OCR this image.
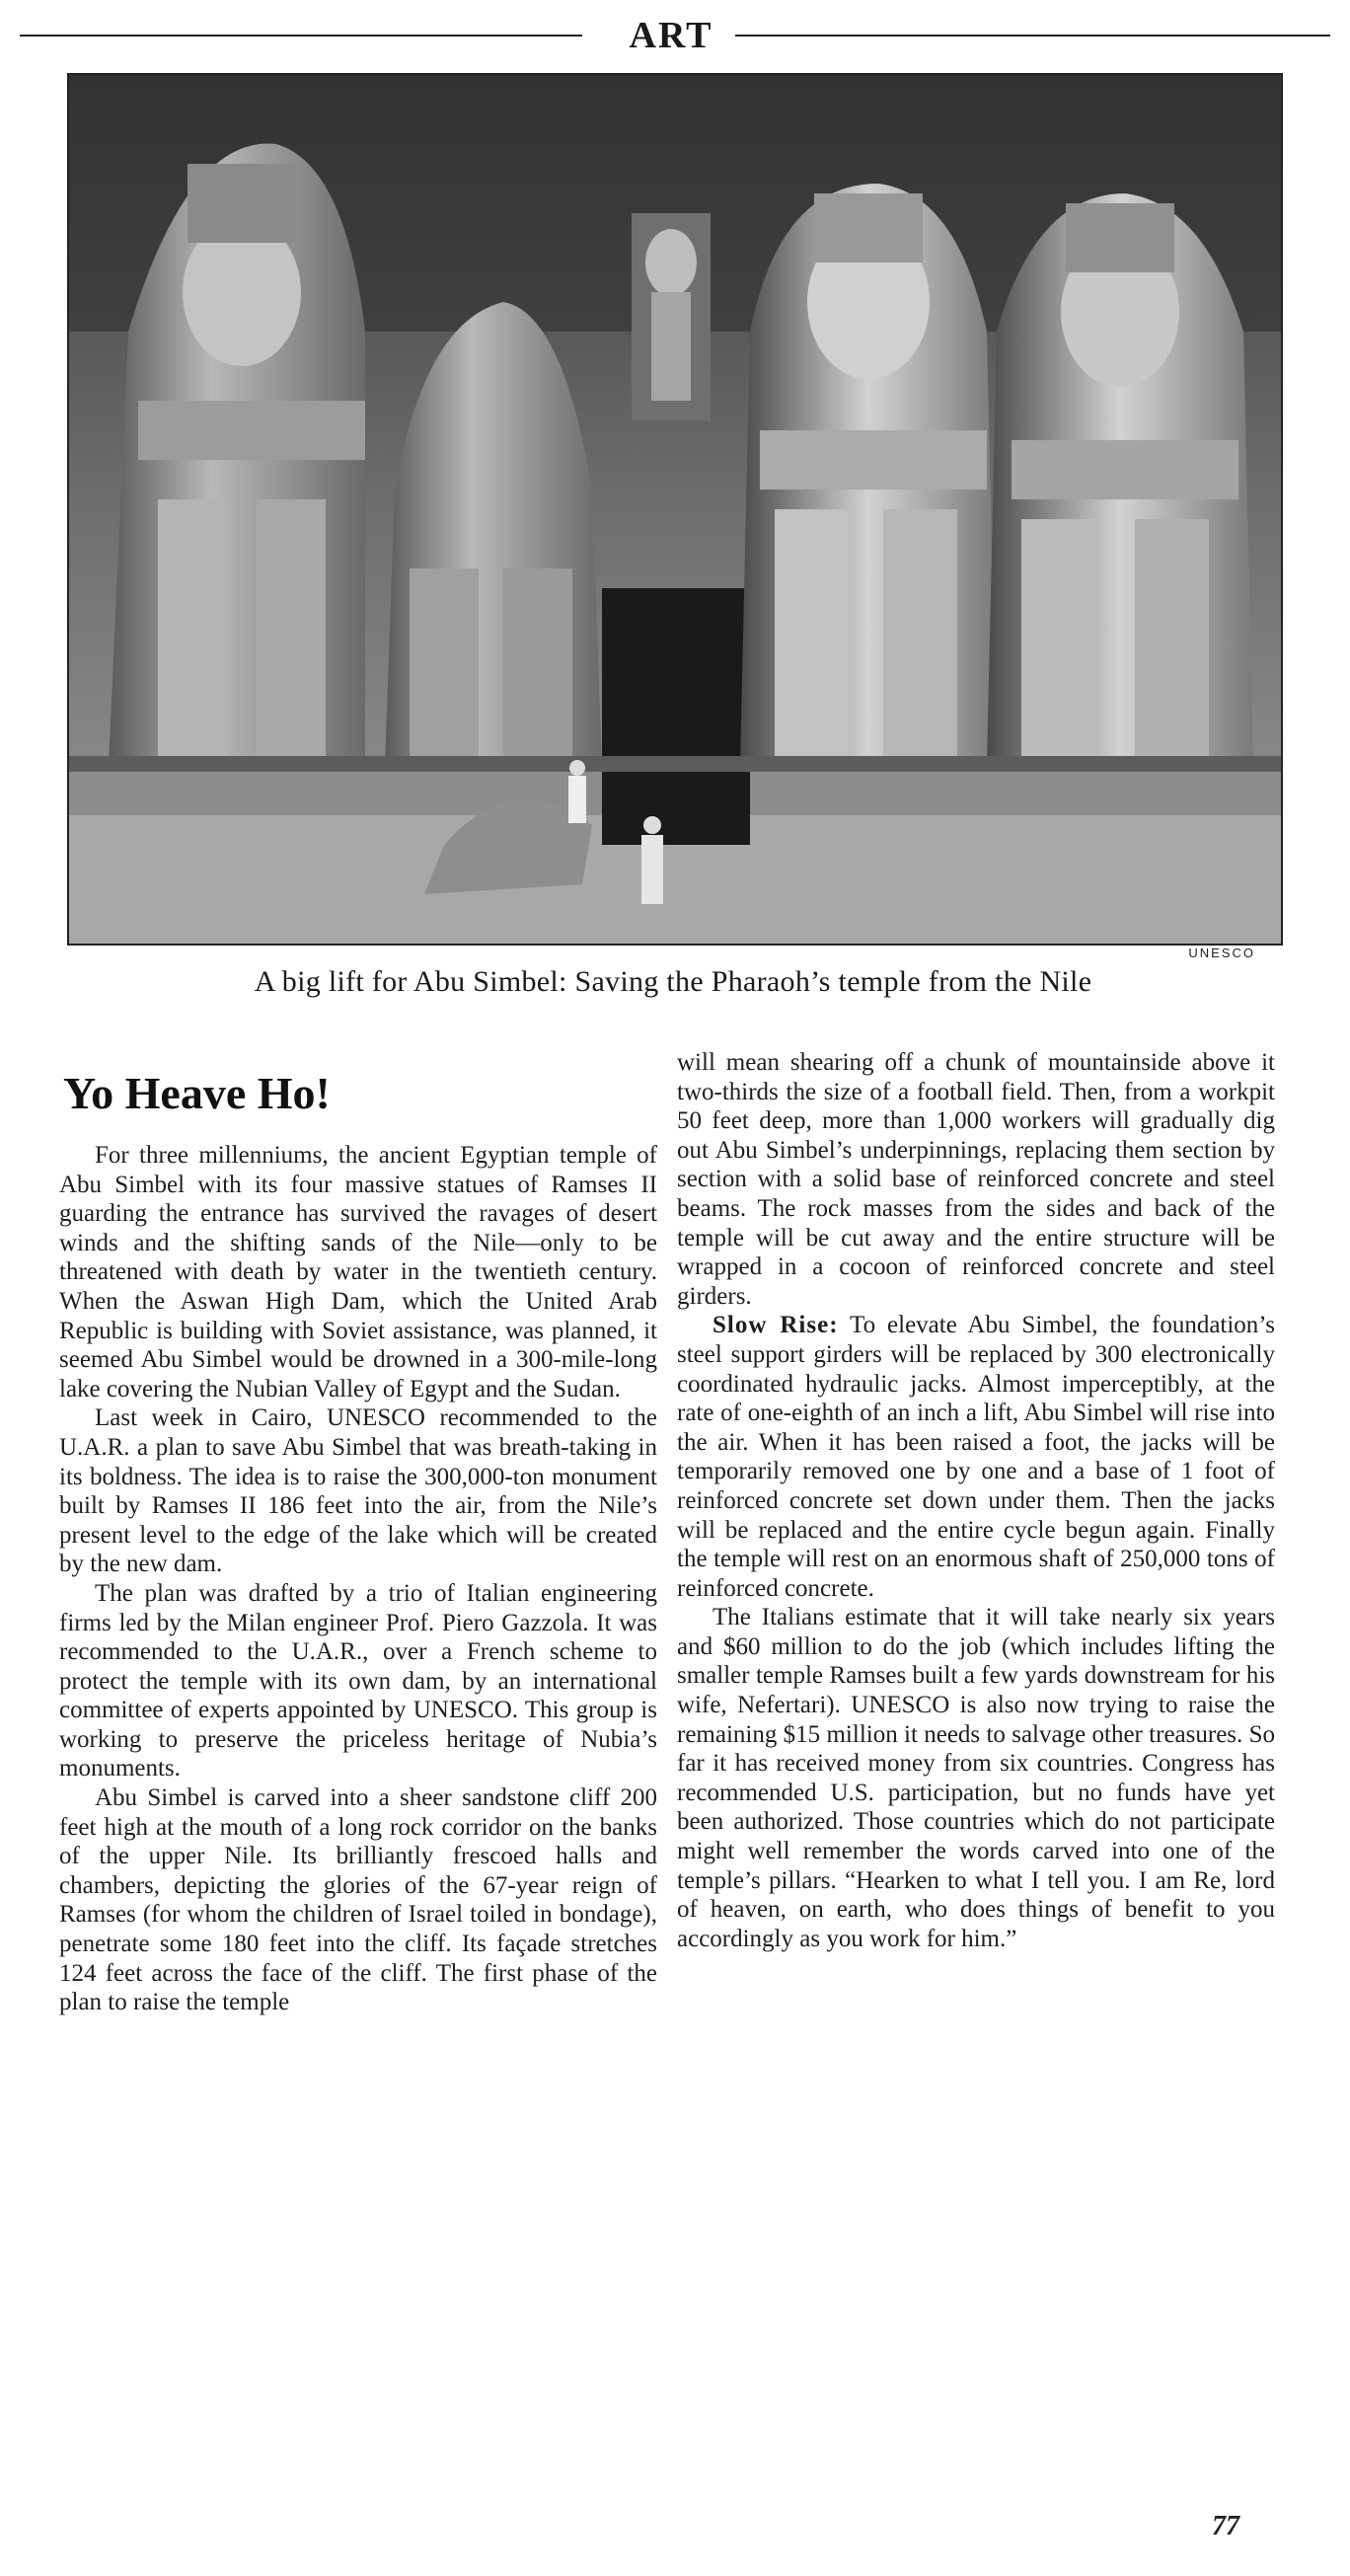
ART
UNESCO
A big lift for Abu Simbel: Saving the Pharaoh’s temple from the Nile
Yo Heave Ho!

For three millenniums, the ancient Egyptian temple of Abu Simbel with its four massive statues of Ramses II guarding the entrance has survived the ravages of desert winds and the shifting sands of the Nile—only to be threatened with death by water in the twentieth century. When the Aswan High Dam, which the United Arab Republic is building with Soviet assistance, was planned, it seemed Abu Simbel would be drowned in a 300-mile-long lake covering the Nubian Valley of Egypt and the Sudan.

Last week in Cairo, UNESCO recommended to the U.A.R. a plan to save Abu Simbel that was breath-taking in its boldness. The idea is to raise the 300,000-ton monument built by Ramses II 186 feet into the air, from the Nile’s present level to the edge of the lake which will be created by the new dam.

The plan was drafted by a trio of Italian engineering firms led by the Milan engineer Prof. Piero Gazzola. It was recommended to the U.A.R., over a French scheme to protect the temple with its own dam, by an international committee of experts appointed by UNESCO. This group is working to preserve the priceless heritage of Nubia’s monuments.

Abu Simbel is carved into a sheer sandstone cliff 200 feet high at the mouth of a long rock corridor on the banks of the upper Nile. Its brilliantly frescoed halls and chambers, depicting the glories of the 67-year reign of Ramses (for whom the children of Israel toiled in bondage), penetrate some 180 feet into the cliff. Its façade stretches 124 feet across the face of the cliff. The first phase of the plan to raise the temple

will mean shearing off a chunk of mountainside above it two-thirds the size of a football field. Then, from a workpit 50 feet deep, more than 1,000 workers will gradually dig out Abu Simbel’s underpinnings, replacing them section by section with a solid base of reinforced concrete and steel beams. The rock masses from the sides and back of the temple will be cut away and the entire structure will be wrapped in a cocoon of reinforced concrete and steel girders.

Slow Rise: To elevate Abu Simbel, the foundation’s steel support girders will be replaced by 300 electronically coordinated hydraulic jacks. Almost imperceptibly, at the rate of one-eighth of an inch a lift, Abu Simbel will rise into the air. When it has been raised a foot, the jacks will be temporarily removed one by one and a base of 1 foot of reinforced concrete set down under them. Then the jacks will be replaced and the entire cycle begun again. Finally the temple will rest on an enormous shaft of 250,000 tons of reinforced concrete.

The Italians estimate that it will take nearly six years and $60 million to do the job (which includes lifting the smaller temple Ramses built a few yards downstream for his wife, Nefertari). UNESCO is also now trying to raise the remaining $15 million it needs to salvage other treasures. So far it has received money from six countries. Congress has recommended U.S. participation, but no funds have yet been authorized. Those countries which do not participate might well remember the words carved into one of the temple’s pillars. “Hearken to what I tell you. I am Re, lord of heaven, on earth, who does things of benefit to you accordingly as you work for him.”

77
